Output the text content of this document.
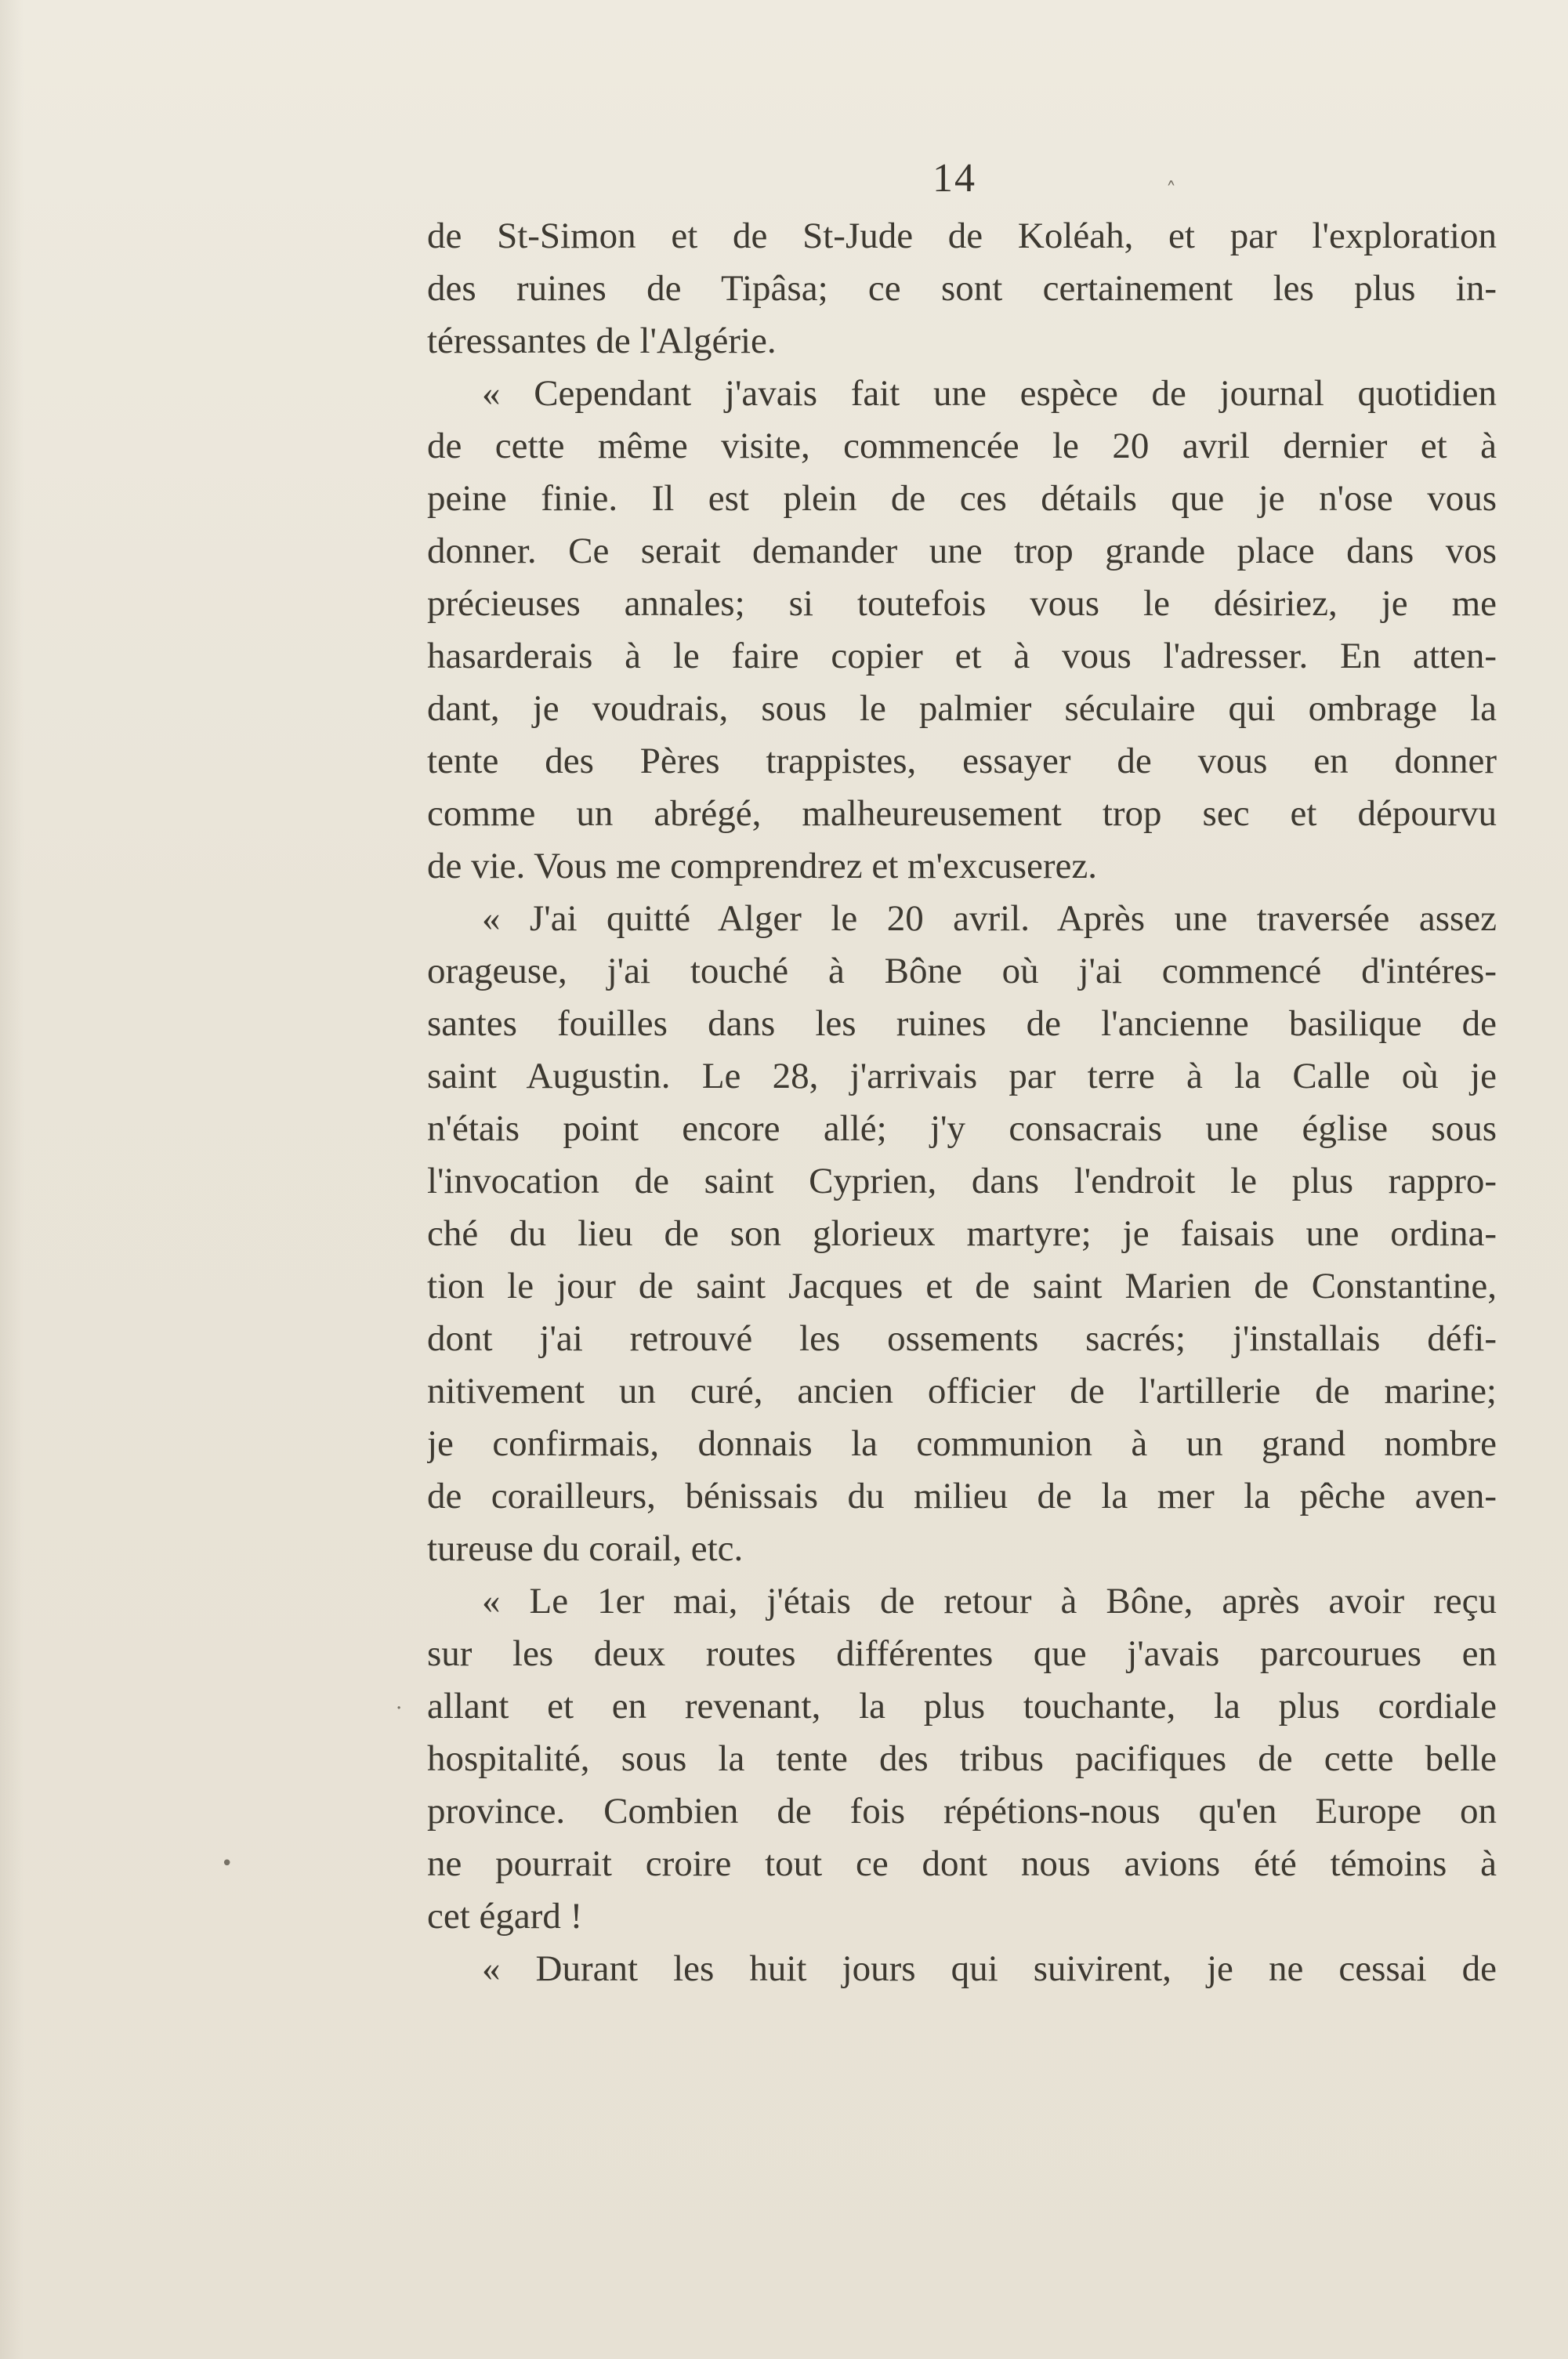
14
de St-Simon et de St-Jude de Koléah, et par l'exploration
des ruines de Tipâsa; ce sont certainement les plus in-
téressantes de l'Algérie.
« Cependant j'avais fait une espèce de journal quotidien
de cette même visite, commencée le 20 avril dernier et à
peine finie. Il est plein de ces détails que je n'ose vous
donner. Ce serait demander une trop grande place dans vos
précieuses annales; si toutefois vous le désiriez, je me
hasarderais à le faire copier et à vous l'adresser. En atten-
dant, je voudrais, sous le palmier séculaire qui ombrage la
tente des Pères trappistes, essayer de vous en donner
comme un abrégé, malheureusement trop sec et dépourvu
de vie. Vous me comprendrez et m'excuserez.
« J'ai quitté Alger le 20 avril. Après une traversée assez
orageuse, j'ai touché à Bône où j'ai commencé d'intéres-
santes fouilles dans les ruines de l'ancienne basilique de
saint Augustin. Le 28, j'arrivais par terre à la Calle où je
n'étais point encore allé; j'y consacrais une église sous
l'invocation de saint Cyprien, dans l'endroit le plus rappro-
ché du lieu de son glorieux martyre; je faisais une ordina-
tion le jour de saint Jacques et de saint Marien de Constantine,
dont j'ai retrouvé les ossements sacrés; j'installais défi-
nitivement un curé, ancien officier de l'artillerie de marine;
je confirmais, donnais la communion à un grand nombre
de corailleurs, bénissais du milieu de la mer la pêche aven-
tureuse du corail, etc.
« Le 1er mai, j'étais de retour à Bône, après avoir reçu
sur les deux routes différentes que j'avais parcourues en
allant et en revenant, la plus touchante, la plus cordiale
hospitalité, sous la tente des tribus pacifiques de cette belle
province. Combien de fois répétions-nous qu'en Europe on
ne pourrait croire tout ce dont nous avions été témoins à
cet égard !
« Durant les huit jours qui suivirent, je ne cessai de
˄
•
·
